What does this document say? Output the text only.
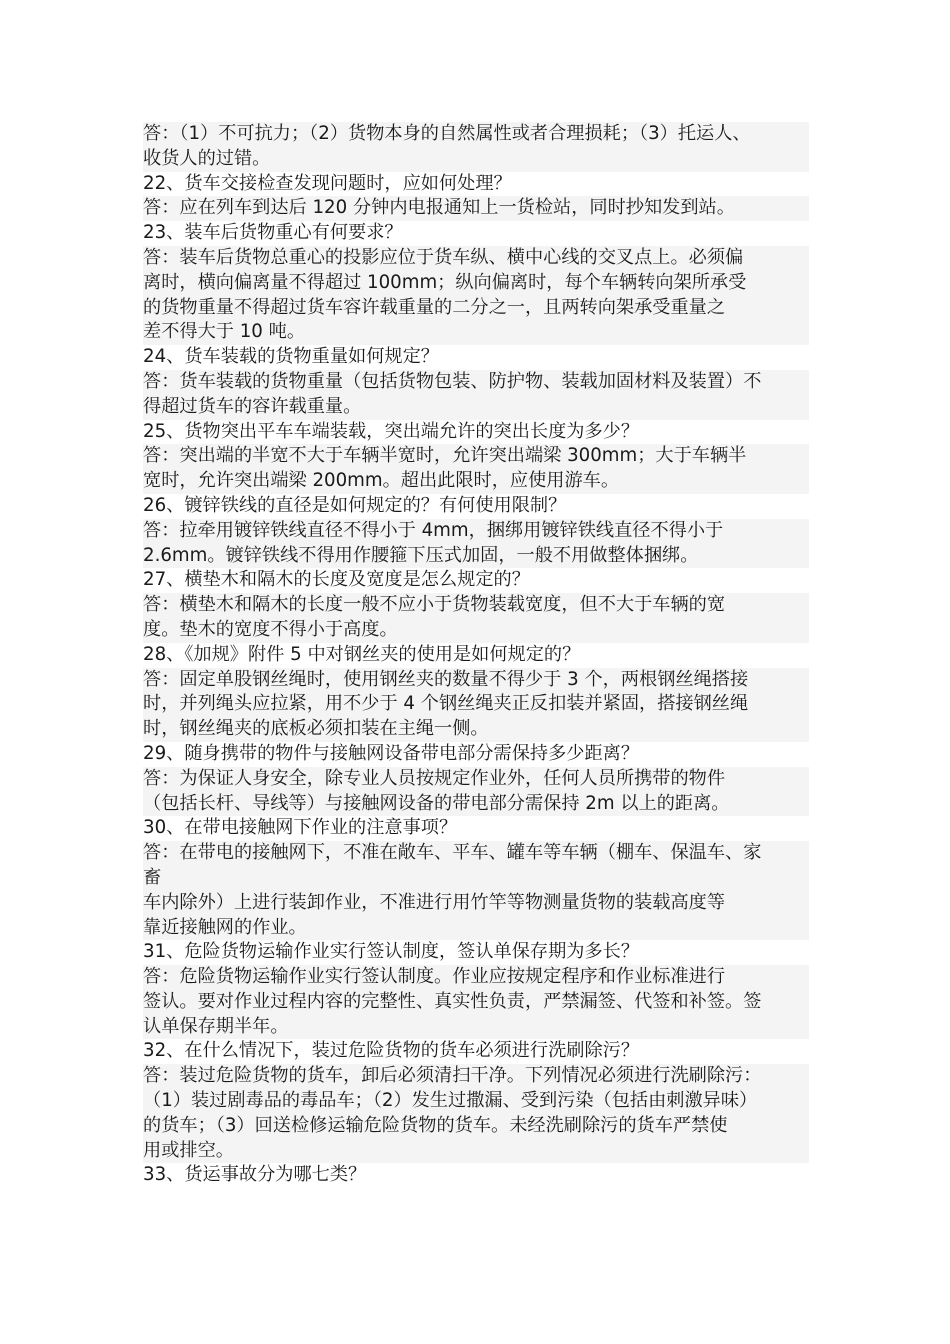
答：（1）不可抗力；（2）货物本身的自然属性或者合理损耗；（3）托运人、
收货人的过错。
22、货车交接检查发现问题时，应如何处理？
答：应在列车到达后 120 分钟内电报通知上一货检站，同时抄知发到站。
23、装车后货物重心有何要求？
答：装车后货物总重心的投影应位于货车纵、横中心线的交叉点上。必须偏
离时，横向偏离量不得超过 100mm；纵向偏离时，每个车辆转向架所承受
的货物重量不得超过货车容许载重量的二分之一，且两转向架承受重量之
差不得大于 10 吨。
24、货车装载的货物重量如何规定？
答：货车装载的货物重量（包括货物包装、防护物、装载加固材料及装置）不
得超过货车的容许载重量。
25、货物突出平车车端装载，突出端允许的突出长度为多少？
答：突出端的半宽不大于车辆半宽时，允许突出端梁 300mm；大于车辆半
宽时，允许突出端梁 200mm。超出此限时，应使用游车。
26、镀锌铁线的直径是如何规定的？有何使用限制？
答：拉牵用镀锌铁线直径不得小于 4mm，捆绑用镀锌铁线直径不得小于
2.6mm。镀锌铁线不得用作腰箍下压式加固，一般不用做整体捆绑。
27、横垫木和隔木的长度及宽度是怎么规定的？
答：横垫木和隔木的长度一般不应小于货物装载宽度，但不大于车辆的宽
度。垫木的宽度不得小于高度。
28、《加规》附件 5 中对钢丝夹的使用是如何规定的？
答：固定单股钢丝绳时，使用钢丝夹的数量不得少于 3 个，两根钢丝绳搭接
时，并列绳头应拉紧，用不少于 4 个钢丝绳夹正反扣装并紧固，搭接钢丝绳
时，钢丝绳夹的底板必须扣装在主绳一侧。
29、随身携带的物件与接触网设备带电部分需保持多少距离？
答：为保证人身安全，除专业人员按规定作业外，任何人员所携带的物件
（包括长杆、导线等）与接触网设备的带电部分需保持 2m 以上的距离。
30、在带电接触网下作业的注意事项？
答：在带电的接触网下，不准在敞车、平车、罐车等车辆（棚车、保温车、家
畜
车内除外）上进行装卸作业，不准进行用竹竿等物测量货物的装载高度等
靠近接触网的作业。
31、危险货物运输作业实行签认制度，签认单保存期为多长？
答：危险货物运输作业实行签认制度。作业应按规定程序和作业标准进行
签认。要对作业过程内容的完整性、真实性负责，严禁漏签、代签和补签。签
认单保存期半年。
32、在什么情况下，装过危险货物的货车必须进行洗刷除污？
答：装过危险货物的货车，卸后必须清扫干净。下列情况必须进行洗刷除污：
（1）装过剧毒品的毒品车；（2）发生过撒漏、受到污染（包括由刺激异味）
的货车；（3）回送检修运输危险货物的货车。未经洗刷除污的货车严禁使
用或排空。
33、货运事故分为哪七类？
